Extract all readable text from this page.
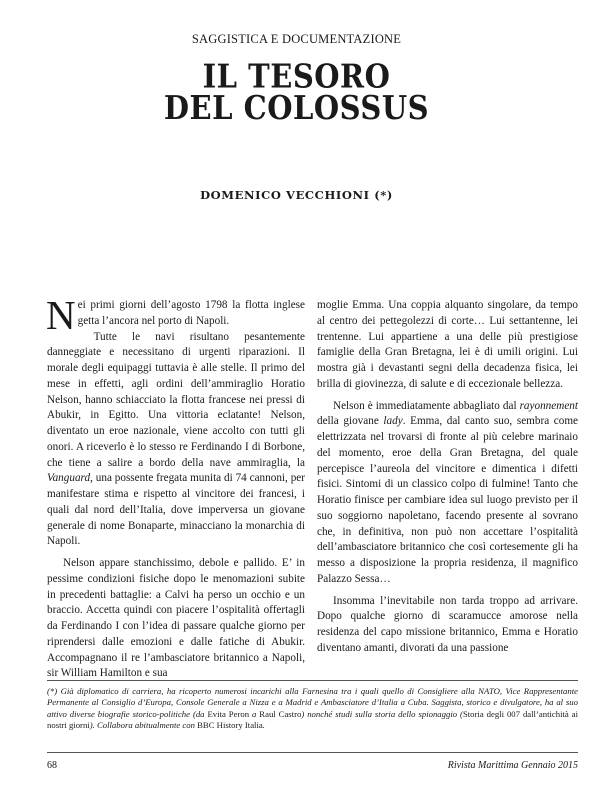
SAGGISTICA E DOCUMENTAZIONE
IL TESORO
DEL COLOSSUS
DOMENICO VECCHIONI (*)

Nei primi giorni dell’agosto 1798 la flotta inglese getta l’ancora nel porto di Napoli.

Tutte le navi risultano pesantemente danneggiate e necessitano di urgenti riparazioni. Il morale degli equipaggi tuttavia è alle stelle. Il primo del mese in effetti, agli ordini dell’ammiraglio Horatio Nelson, hanno schiacciato la flotta francese nei pressi di Abukir, in Egitto. Una vittoria eclatante! Nelson, diventato un eroe nazionale, viene accolto con tutti gli onori. A riceverlo è lo stesso re Ferdinando I di Borbone, che tiene a salire a bordo della nave ammiraglia, la Vanguard, una possente fregata munita di 74 cannoni, per manifestare stima e rispetto al vincitore dei francesi, i quali dal nord dell’Italia, dove imperversa un giovane generale di nome Bonaparte, minacciano la monarchia di Napoli.

Nelson appare stanchissimo, debole e pallido. E’ in pessime condizioni fisiche dopo le menomazioni subite in precedenti battaglie: a Calvi ha perso un occhio e un braccio. Accetta quindi con piacere l’ospitalità offertagli da Ferdinando I con l’idea di passare qualche giorno per riprendersi dalle emozioni e dalle fatiche di Abukir. Accompagnano il re l’ambasciatore britannico a Napoli, sir William Hamilton e sua

moglie Emma. Una coppia alquanto singolare, da tempo al centro dei pettegolezzi di corte… Lui settantenne, lei trentenne. Lui appartiene a una delle più prestigiose famiglie della Gran Bretagna, lei è di umili origini. Lui mostra già i devastanti segni della decadenza fisica, lei brilla di giovinezza, di salute e di eccezionale bellezza.

Nelson è immediatamente abbagliato dal rayonnement della giovane lady. Emma, dal canto suo, sembra come elettrizzata nel trovarsi di fronte al più celebre marinaio del momento, eroe della Gran Bretagna, del quale percepisce l’aureola del vincitore e dimentica i difetti fisici. Sintomi di un classico colpo di fulmine! Tanto che Horatio finisce per cambiare idea sul luogo previsto per il suo soggiorno napoletano, facendo presente al sovrano che, in definitiva, non può non accettare l’ospitalità dell’ambasciatore britannico che così cortesemente gli ha messo a disposizione la propria residenza, il magnifico Palazzo Sessa…

Insomma l’inevitabile non tarda troppo ad arrivare. Dopo qualche giorno di scaramucce amorose nella residenza del capo missione britannico, Emma e Horatio diventano amanti, divorati da una passione

(*) Già diplomatico di carriera, ha ricoperto numerosi incarichi alla Farnesina tra i quali quello di Consigliere alla NATO, Vice Rappresentante Permanente al Consiglio d’Europa, Console Generale a Nizza e a Madrid e Ambasciatore d’Italia a Cuba. Saggista, storico e divulgatore, ha al suo attivo diverse biografie storico-politiche (da Evita Peron a Raul Castro) nonché studi sulla storia dello spionaggio (Storia degli 007 dall’antichità ai nostri giorni). Collabora abitualmente con BBC History Italia.
68	Rivista Marittima Gennaio 2015
